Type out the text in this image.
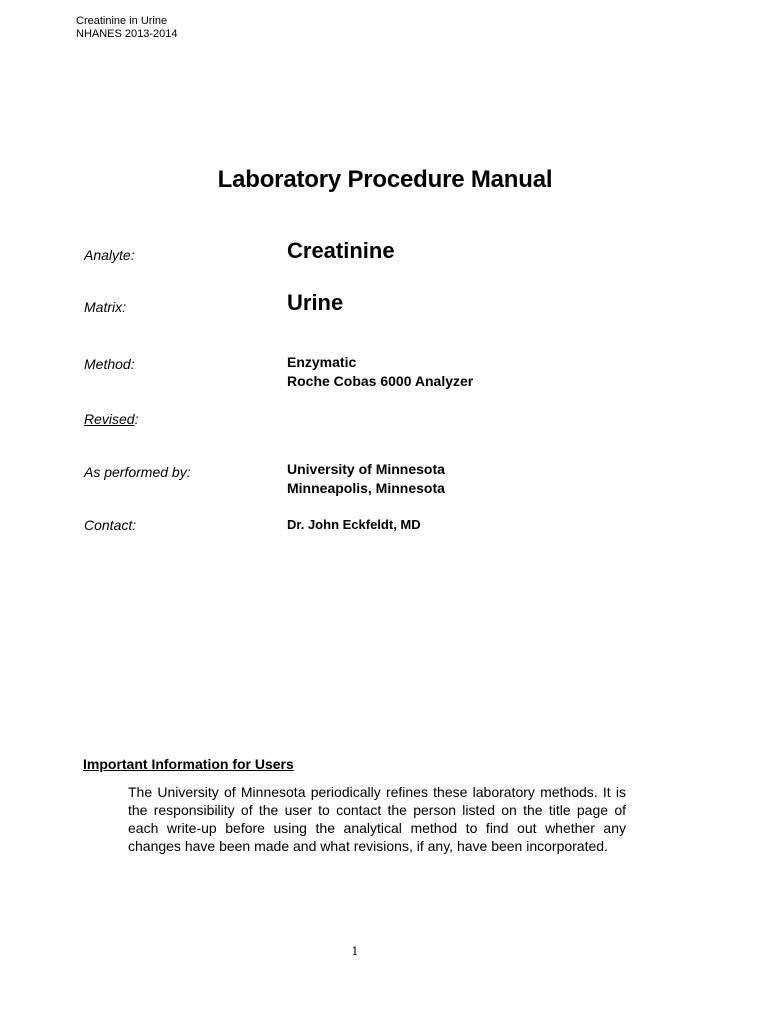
Creatinine in Urine
NHANES 2013-2014
Laboratory Procedure Manual
Analyte:	Creatinine
Matrix:	Urine
Method:	Enzymatic
Roche Cobas 6000 Analyzer
Revised:
As performed by:	University of Minnesota
Minneapolis, Minnesota
Contact:	Dr. John Eckfeldt, MD
Important Information for Users
The University of Minnesota periodically refines these laboratory methods. It is the responsibility of the user to contact the person listed on the title page of each write-up before using the analytical method to find out whether any changes have been made and what revisions, if any, have been incorporated.
1
